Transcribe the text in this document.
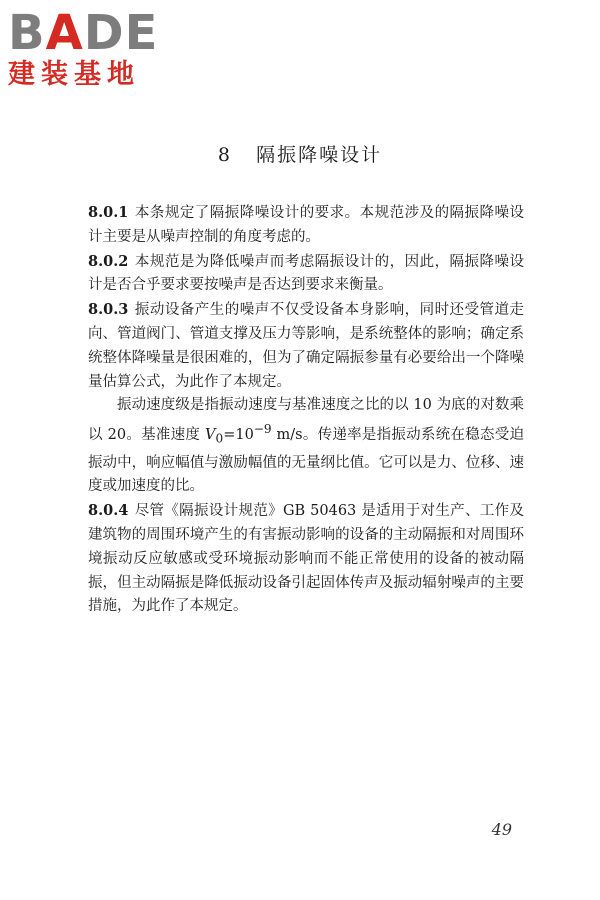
BADE
建装基地
8 隔振降噪设计

8.0.1 本条规定了隔振降噪设计的要求。本规范涉及的隔振降噪设计主要是从噪声控制的角度考虑的。

8.0.2 本规范是为降低噪声而考虑隔振设计的，因此，隔振降噪设计是否合乎要求要按噪声是否达到要求来衡量。

8.0.3 振动设备产生的噪声不仅受设备本身影响，同时还受管道走向、管道阀门、管道支撑及压力等影响，是系统整体的影响；确定系统整体降噪量是很困难的，但为了确定隔振参量有必要给出一个降噪量估算公式，为此作了本规定。

振动速度级是指振动速度与基准速度之比的以 10 为底的对数乘以 20。基准速度 $V_0=10^{-9}$ m/s。传递率是指振动系统在稳态受迫振动中，响应幅值与激励幅值的无量纲比值。它可以是力、位移、速度或加速度的比。

8.0.4 尽管《隔振设计规范》GB 50463 是适用于对生产、工作及建筑物的周围环境产生的有害振动影响的设备的主动隔振和对周围环境振动反应敏感或受环境振动影响而不能正常使用的设备的被动隔振，但主动隔振是降低振动设备引起固体传声及振动辐射噪声的主要措施，为此作了本规定。

49
